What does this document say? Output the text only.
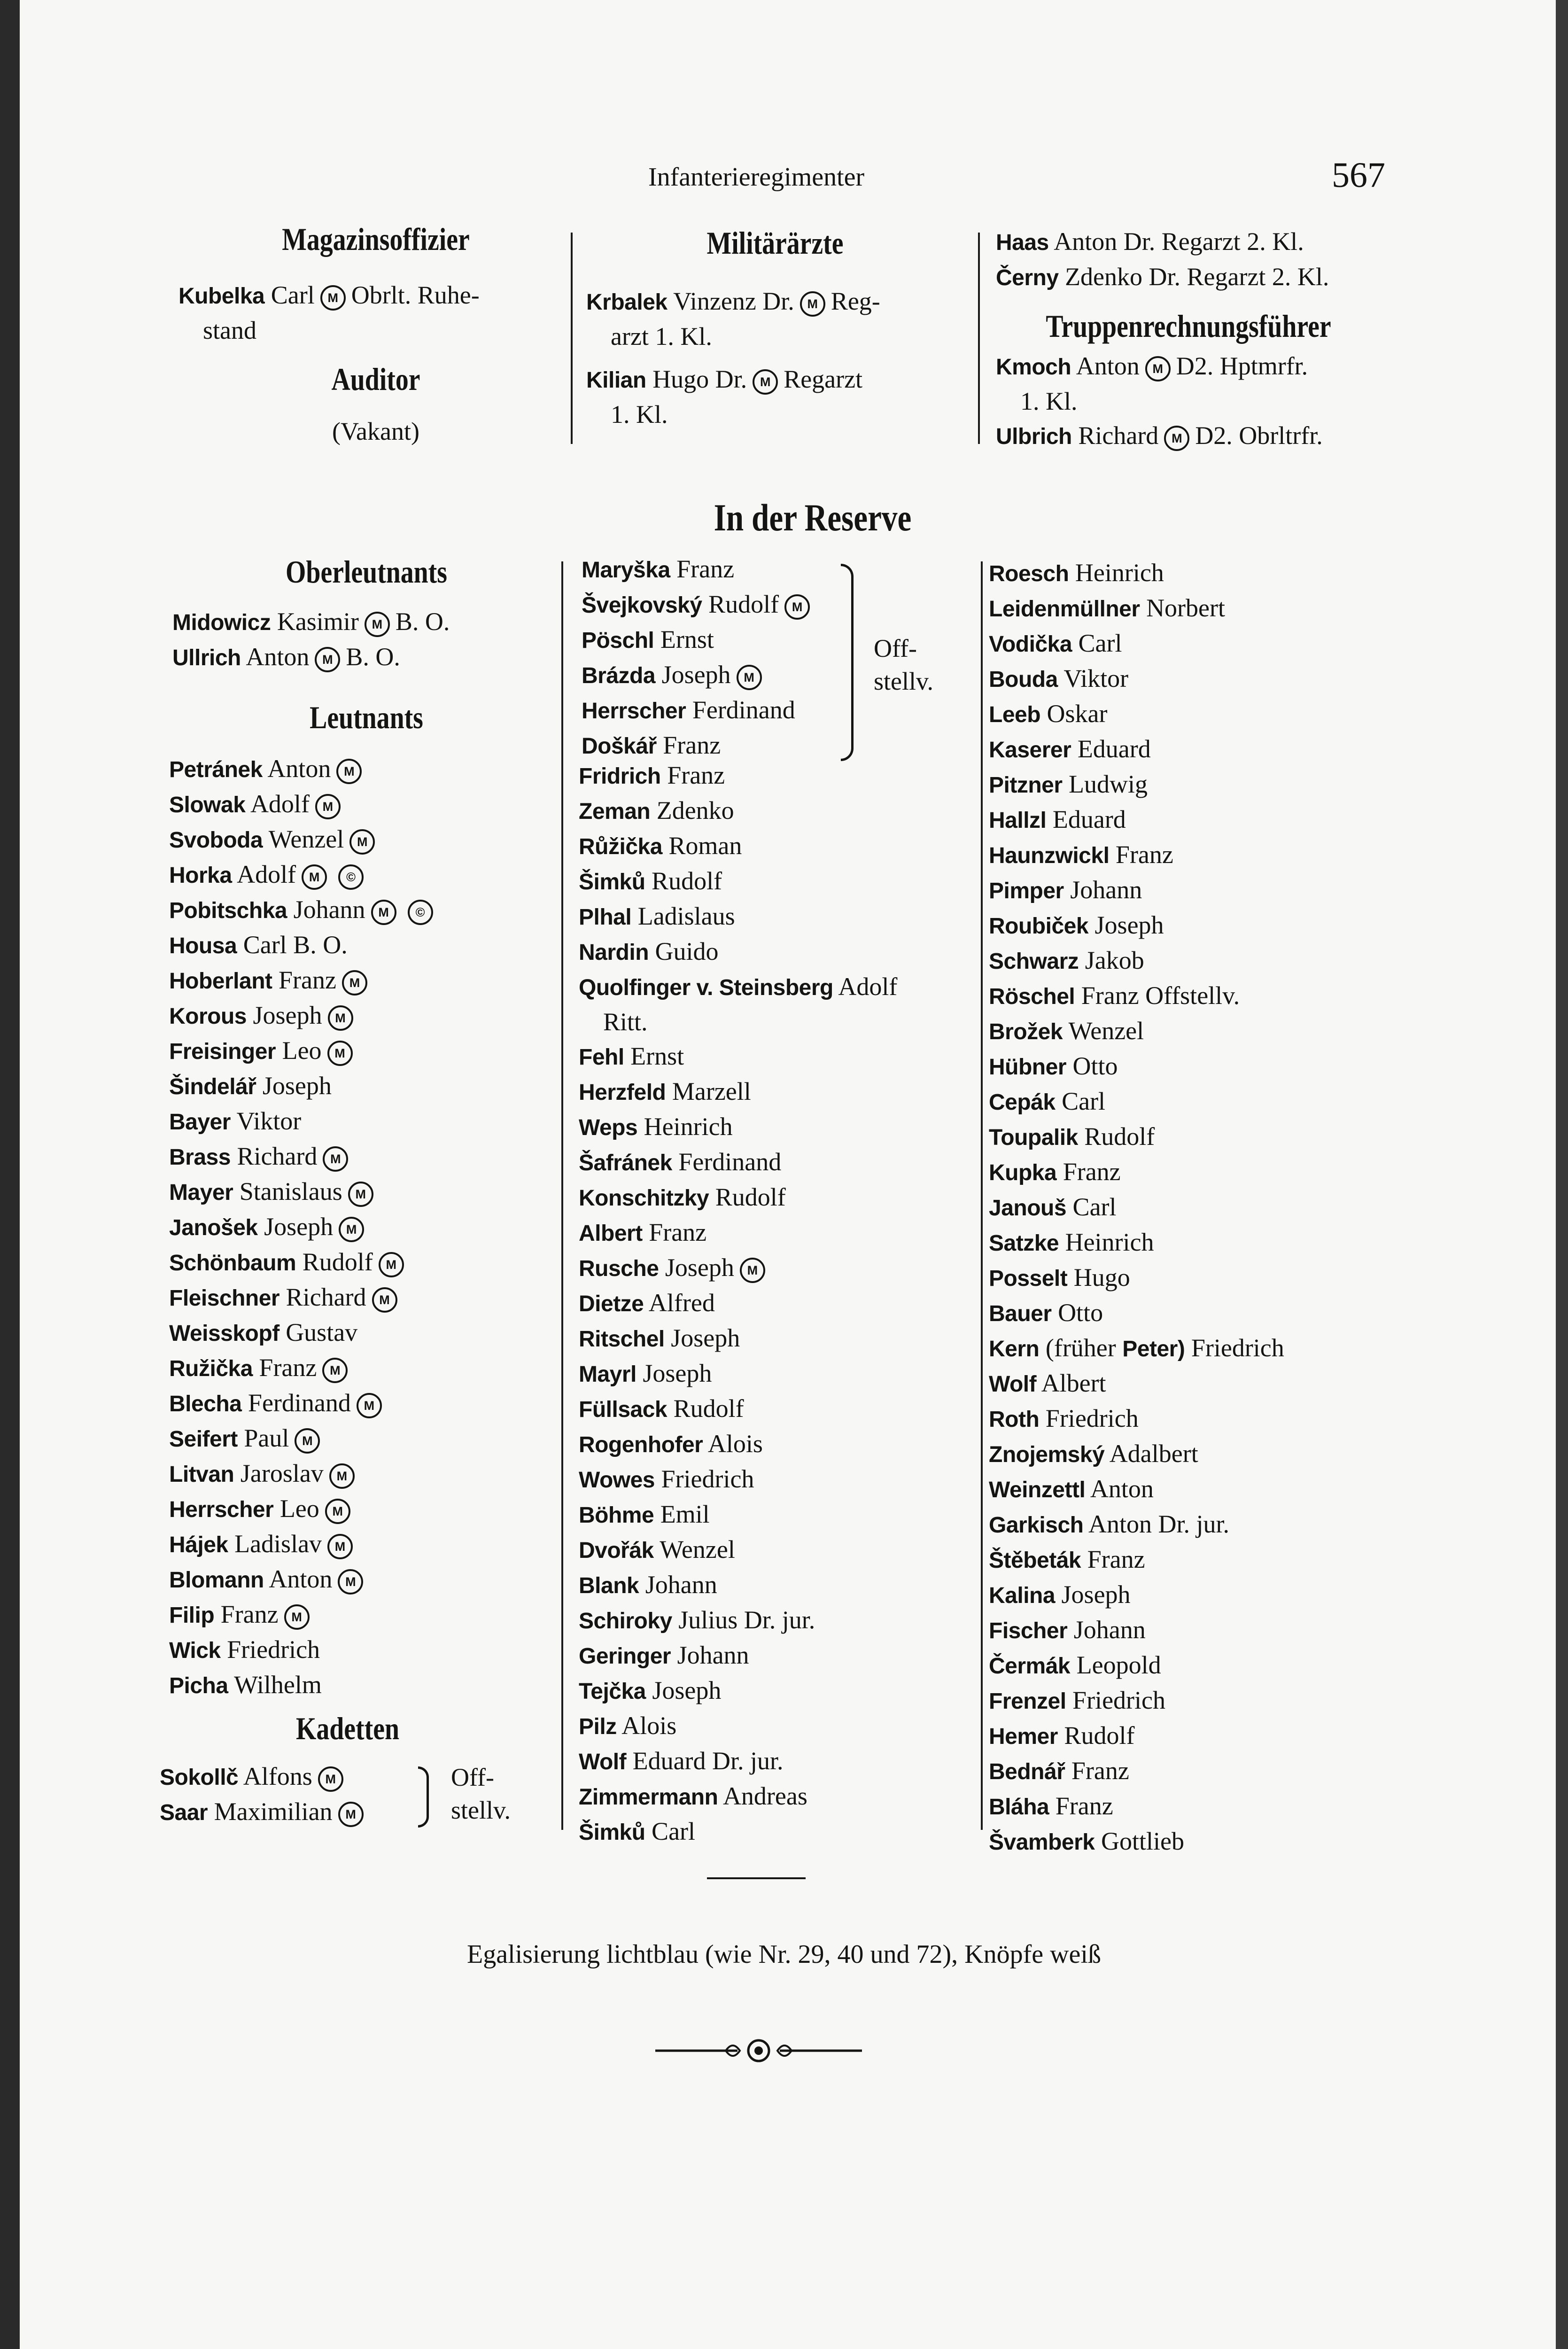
Infanterieregimenter	567
Magazinsoffizier
Kubelka Carl M Obrlt. Ruhe-
stand
Auditor
(Vakant)
Militärärzte
Krbalek Vinzenz Dr. M Reg-
arzt 1. Kl.
Kilian Hugo Dr. M Regarzt
1. Kl.
Haas Anton Dr. Regarzt 2. Kl.
Černy Zdenko Dr. Regarzt 2. Kl.
Truppenrechnungsführer
Kmoch Anton M D2. Hptmrfr.
1. Kl.
Ulbrich Richard M D2. Obrltrfr.
In der Reserve
Oberleutnants
Midowicz Kasimir M B. O.
Ullrich Anton M B. O.
Leutnants
Petránek Anton M
Slowak Adolf M
Svoboda Wenzel M
Horka Adolf M ©
Pobitschka Johann M ©
Housa Carl B. O.
Hoberlant Franz M
Korous Joseph M
Freisinger Leo M
Šindelář Joseph
Bayer Viktor
Brass Richard M
Mayer Stanislaus M
Janošek Joseph M
Schönbaum Rudolf M
Fleischner Richard M
Weisskopf Gustav
Ružička Franz M
Blecha Ferdinand M
Seifert Paul M
Litvan Jaroslav M
Herrscher Leo M
Hájek Ladislav M
Blomann Anton M
Filip Franz M
Wick Friedrich
Picha Wilhelm
Kadetten
Sokollč Alfons M
Saar Maximilian M
Off-stellv.
Maryška Franz
Švejkovský Rudolf M
Pöschl Ernst
Brázda Joseph M
Herrscher Ferdinand
Doškář Franz
Off-stellv.
Fridrich Franz
Zeman Zdenko
Růžička Roman
Šimků Rudolf
Plhal Ladislaus
Nardin Guido
Quolfinger v. Steinsberg Adolf
Ritt.
Fehl Ernst
Herzfeld Marzell
Weps Heinrich
Šafránek Ferdinand
Konschitzky Rudolf
Albert Franz
Rusche Joseph M
Dietze Alfred
Ritschel Joseph
Mayrl Joseph
Füllsack Rudolf
Rogenhofer Alois
Wowes Friedrich
Böhme Emil
Dvořák Wenzel
Blank Johann
Schiroky Julius Dr. jur.
Geringer Johann
Tejčka Joseph
Pilz Alois
Wolf Eduard Dr. jur.
Zimmermann Andreas
Šimků Carl
Roesch Heinrich
Leidenmüllner Norbert
Vodička Carl
Bouda Viktor
Leeb Oskar
Kaserer Eduard
Pitzner Ludwig
Hallzl Eduard
Haunzwickl Franz
Pimper Johann
Roubiček Joseph
Schwarz Jakob
Röschel Franz Offstellv.
Brožek Wenzel
Hübner Otto
Cepák Carl
Toupalik Rudolf
Kupka Franz
Janouš Carl
Satzke Heinrich
Posselt Hugo
Bauer Otto
Kern (früher Peter) Friedrich
Wolf Albert
Roth Friedrich
Znojemský Adalbert
Weinzettl Anton
Garkisch Anton Dr. jur.
Štěbeták Franz
Kalina Joseph
Fischer Johann
Čermák Leopold
Frenzel Friedrich
Hemer Rudolf
Bednář Franz
Bláha Franz
Švamberk Gottlieb
Egalisierung lichtblau (wie Nr. 29, 40 und 72), Knöpfe weiß
